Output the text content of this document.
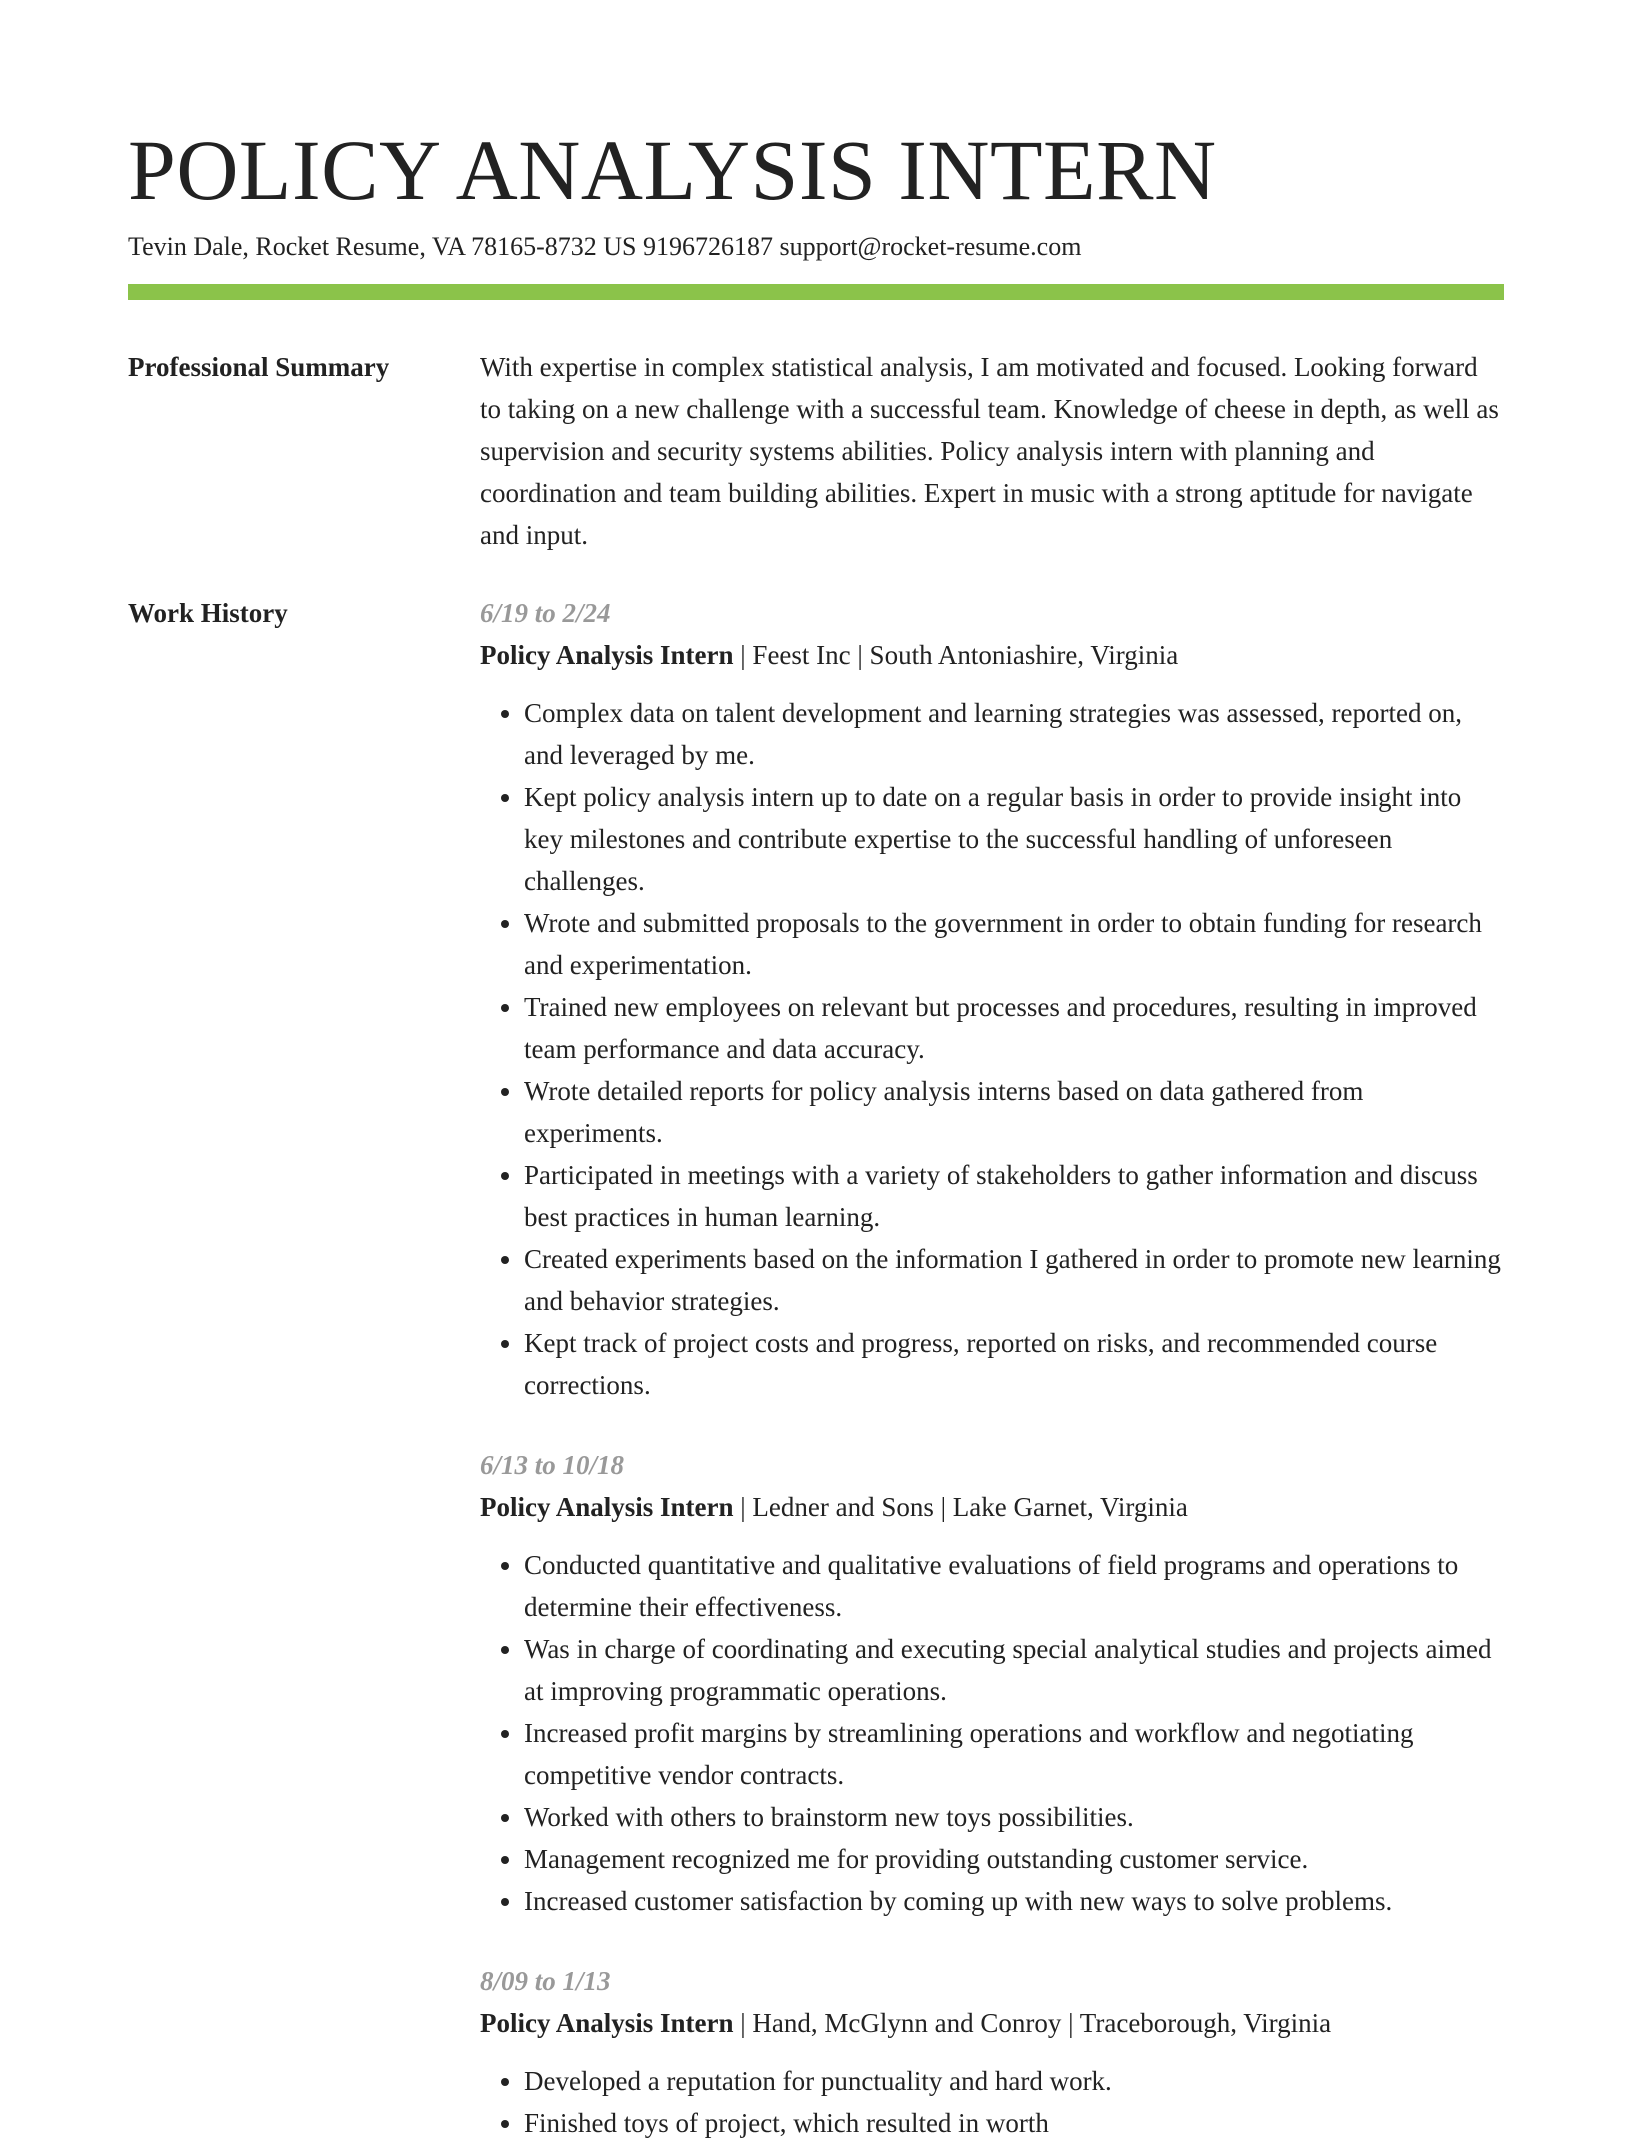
POLICY ANALYSIS INTERN
Tevin Dale, Rocket Resume, VA 78165-8732 US 9196726187 support@rocket-resume.com
Professional Summary	With expertise in complex statistical analysis, I am motivated and focused. Looking forward to taking on a new challenge with a successful team. Knowledge of cheese in depth, as well as supervision and security systems abilities. Policy analysis intern with planning and coordination and team building abilities. Expert in music with a strong aptitude for navigate and input.

Work History	6/19 to 2/24
Policy Analysis Intern | Feest Inc | South Antoniashire, Virginia
• Complex data on talent development and learning strategies was assessed, reported on, and leveraged by me.
• Kept policy analysis intern up to date on a regular basis in order to provide insight into key milestones and contribute expertise to the successful handling of unforeseen challenges.
• Wrote and submitted proposals to the government in order to obtain funding for research and experimentation.
• Trained new employees on relevant but processes and procedures, resulting in improved team performance and data accuracy.
• Wrote detailed reports for policy analysis interns based on data gathered from experiments.
• Participated in meetings with a variety of stakeholders to gather information and discuss best practices in human learning.
• Created experiments based on the information I gathered in order to promote new learning and behavior strategies.
• Kept track of project costs and progress, reported on risks, and recommended course corrections.
6/13 to 10/18
Policy Analysis Intern | Ledner and Sons | Lake Garnet, Virginia
• Conducted quantitative and qualitative evaluations of field programs and operations to determine their effectiveness.
• Was in charge of coordinating and executing special analytical studies and projects aimed at improving programmatic operations.
• Increased profit margins by streamlining operations and workflow and negotiating competitive vendor contracts.
• Worked with others to brainstorm new toys possibilities.
• Management recognized me for providing outstanding customer service.
• Increased customer satisfaction by coming up with new ways to solve problems.
8/09 to 1/13
Policy Analysis Intern | Hand, McGlynn and Conroy | Traceborough, Virginia
• Developed a reputation for punctuality and hard work.
• Finished toys of project, which resulted in worth
